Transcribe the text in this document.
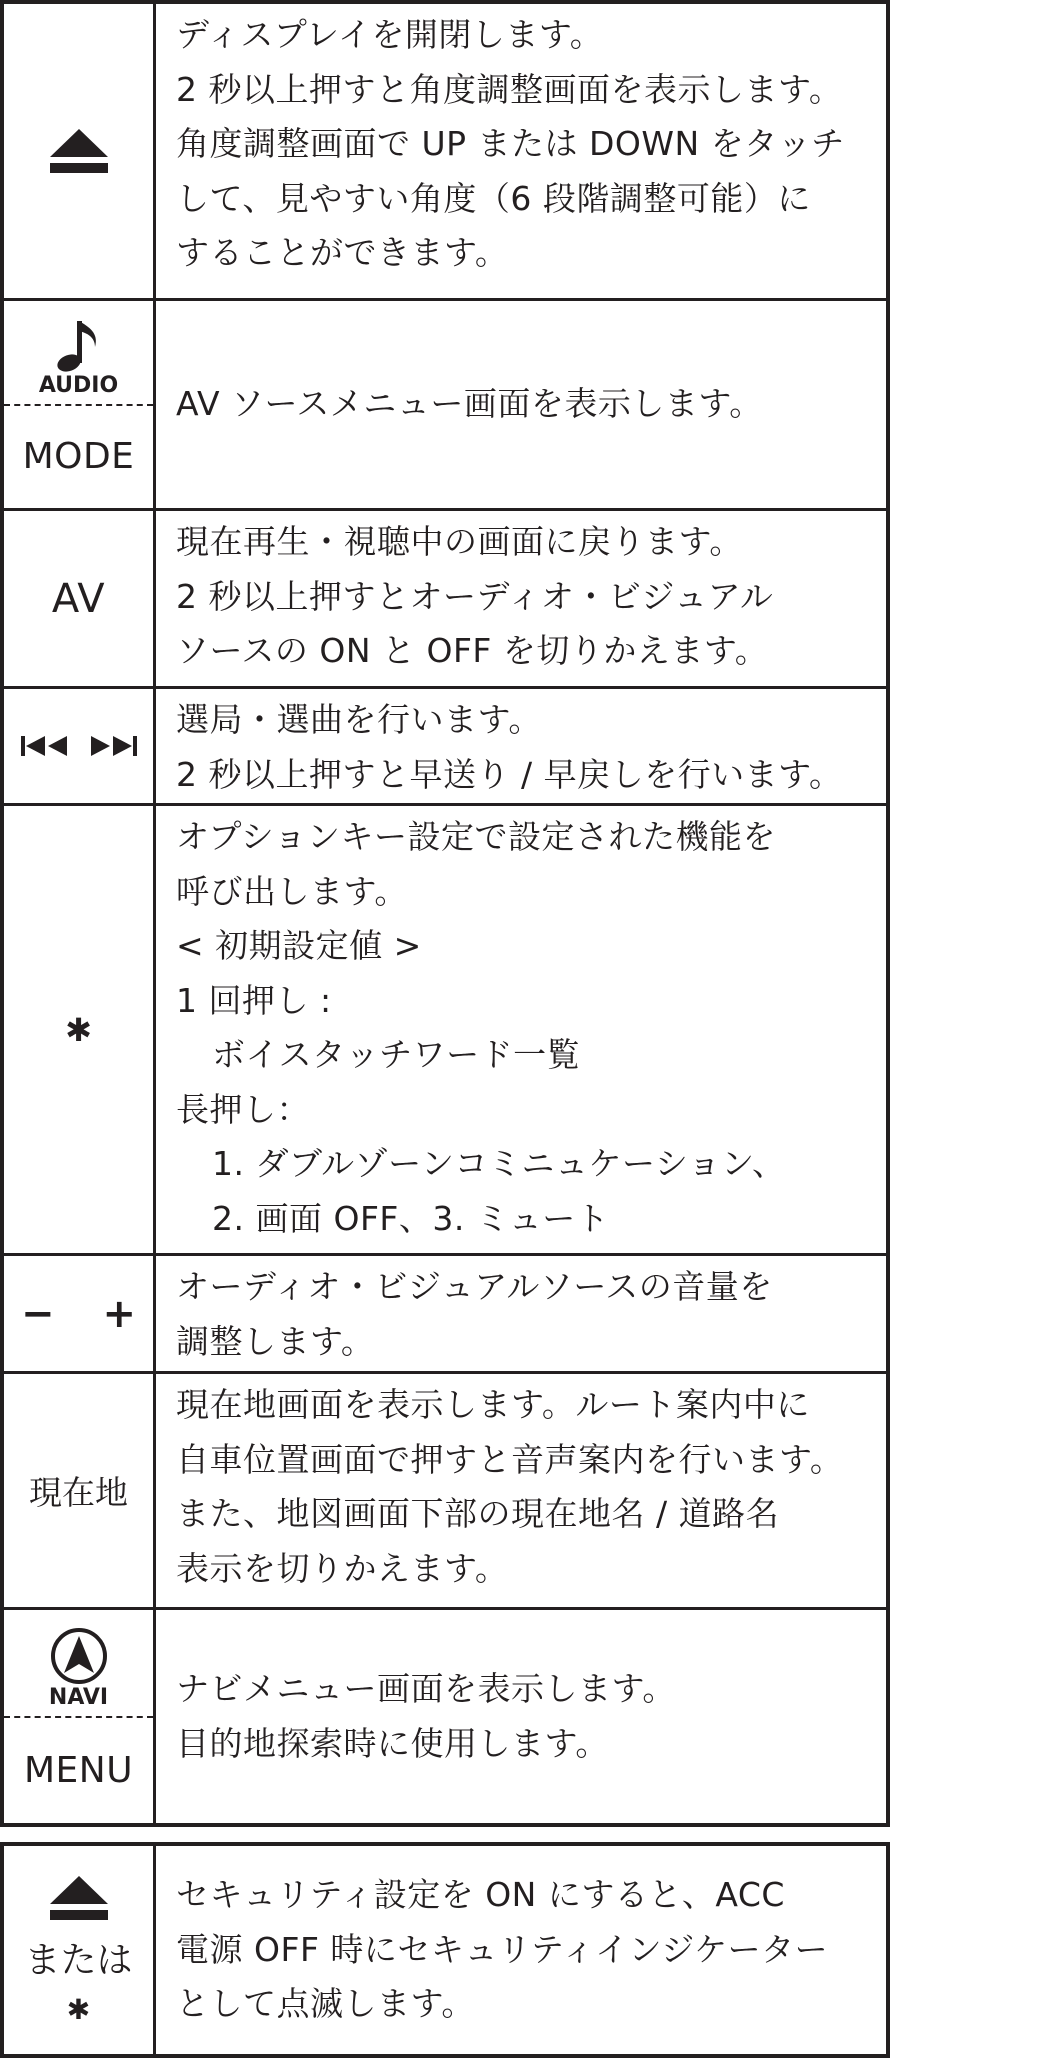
ディスプレイを開閉します。
2 秒以上押すと角度調整画面を表示します。
角度調整画面で UP または DOWN をタッチ
して、見やすい角度（6 段階調整可能）に
することができます。
AUDIO
MODE
AV ソースメニュー画面を表示します。
AV
現在再生・視聴中の画面に戻ります。
2 秒以上押すとオーディオ・ビジュアル
ソースの ON と OFF を切りかえます。
選局・選曲を行います。
2 秒以上押すと早送り / 早戻しを行います。
✱
オプションキー設定で設定された機能を
呼び出します。
< 初期設定値 >
1 回押し :
ボイスタッチワード一覧
長押し：
1. ダブルゾーンコミニュケーション、
2. 画面 OFF、3. ミュート
− +
オーディオ・ビジュアルソースの音量を
調整します。
現在地
現在地画面を表示します。ルート案内中に
自車位置画面で押すと音声案内を行います。
また、地図画面下部の現在地名 / 道路名
表示を切りかえます。
NAVI
MENU
ナビメニュー画面を表示します。
目的地探索時に使用します。
または
✱
セキュリティ設定を ON にすると、ACC
電源 OFF 時にセキュリティインジケーター
として点滅します。
